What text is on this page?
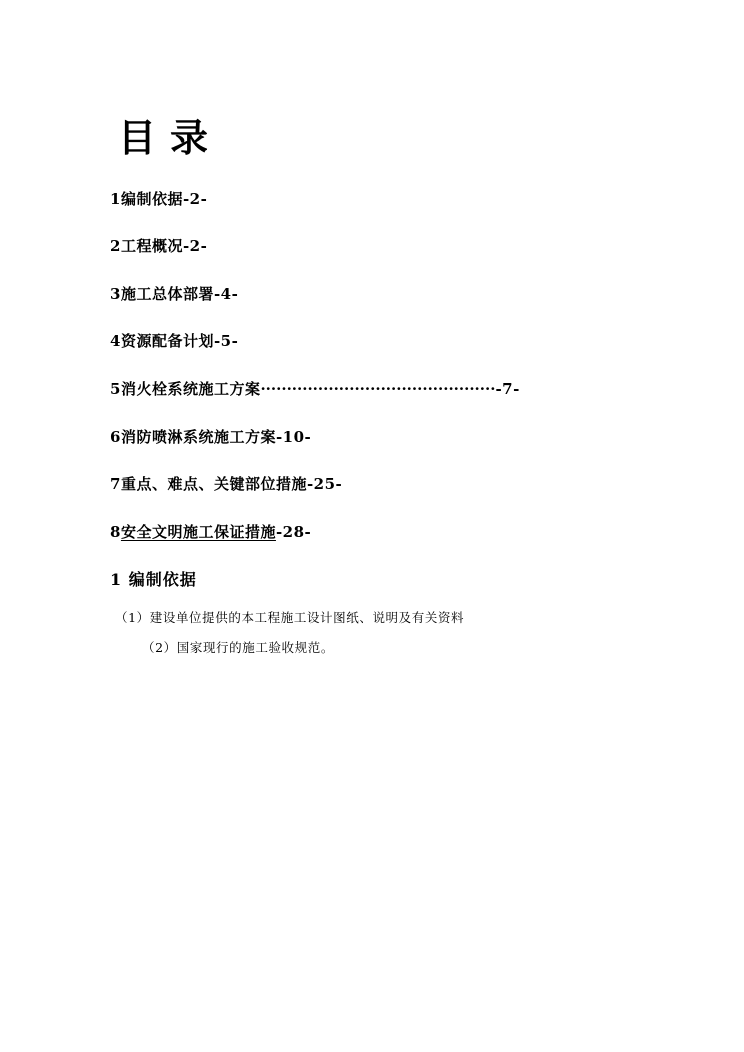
目录
1编制依据-2-
2工程概况-2-
3施工总体部署-4-
4资源配备计划-5-
5消火栓系统施工方案·············································-7-
6消防喷淋系统施工方案-10-
7重点、难点、关键部位措施-25-
8安全文明施工保证措施-28-
1 编制依据
（1）建设单位提供的本工程施工设计图纸、说明及有关资料
（2）国家现行的施工验收规范。
